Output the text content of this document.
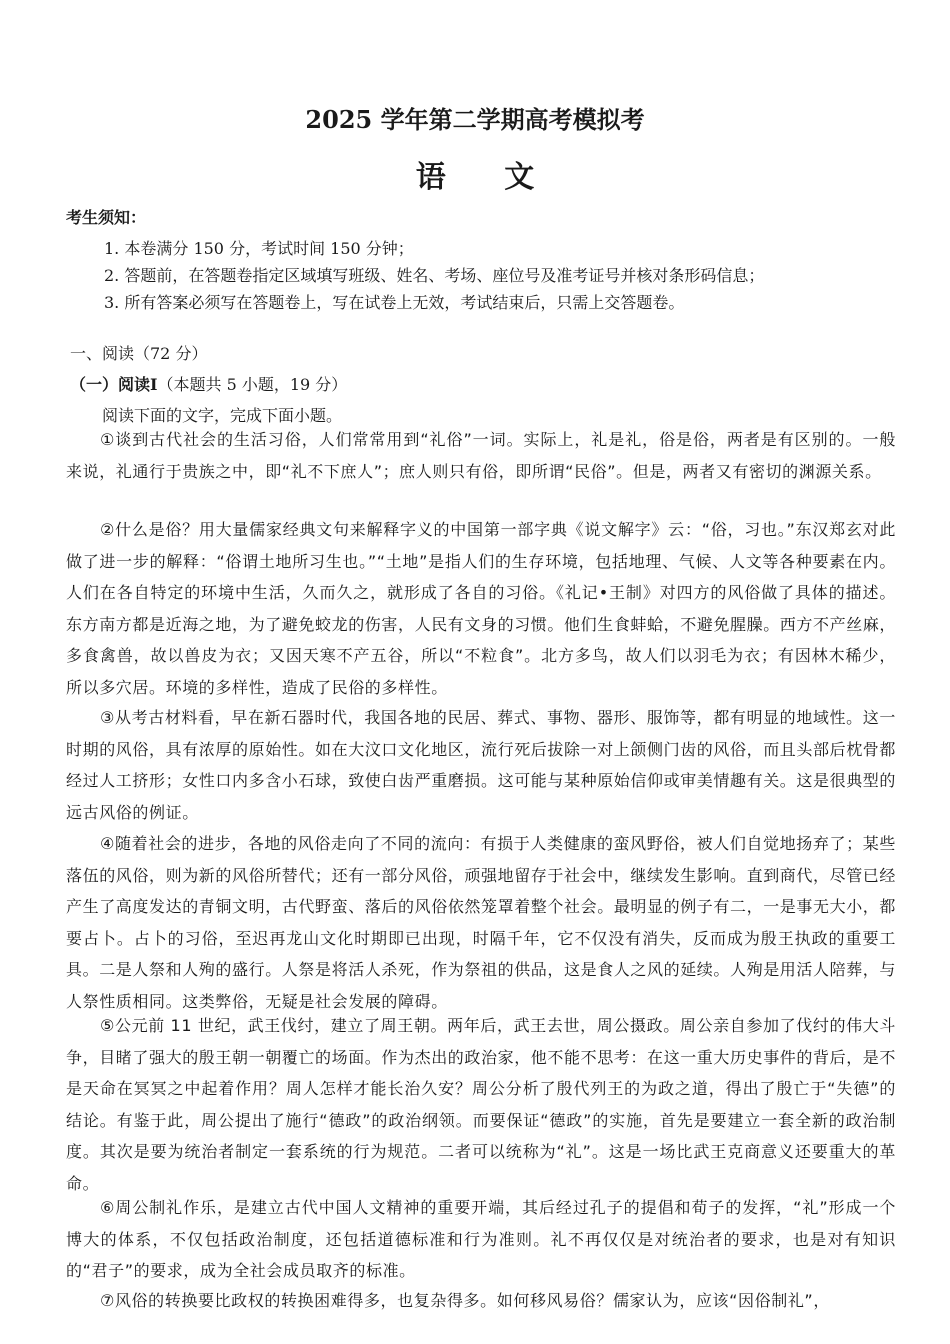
2025 学年第二学期高考模拟考
语 文
考生须知：
1. 本卷满分 150 分，考试时间 150 分钟；
2. 答题前，在答题卷指定区域填写班级、姓名、考场、座位号及准考证号并核对条形码信息；
3. 所有答案必须写在答题卷上，写在试卷上无效，考试结束后，只需上交答题卷。
一、阅读（72 分）
（一）阅读I（本题共 5 小题，19 分）
阅读下面的文字，完成下面小题。

①谈到古代社会的生活习俗，人们常常用到“礼俗”一词。实际上，礼是礼，俗是俗，两者是有区别的。一般来说，礼通行于贵族之中，即“礼不下庶人”；庶人则只有俗，即所谓“民俗”。但是，两者又有密切的渊源关系。

②什么是俗？用大量儒家经典文句来解释字义的中国第一部字典《说文解字》云：“俗，习也。”东汉郑玄对此做了进一步的解释：“俗谓土地所习生也。”“土地”是指人们的生存环境，包括地理、气候、人文等各种要素在内。人们在各自特定的环境中生活，久而久之，就形成了各自的习俗。《礼记•王制》对四方的风俗做了具体的描述。东方南方都是近海之地，为了避免蛟龙的伤害，人民有文身的习惯。他们生食蚌蛤，不避免腥臊。西方不产丝麻，多食禽兽，故以兽皮为衣；又因天寒不产五谷，所以“不粒食”。北方多鸟，故人们以羽毛为衣；有因林木稀少，所以多穴居。环境的多样性，造成了民俗的多样性。

③从考古材料看，早在新石器时代，我国各地的民居、葬式、事物、器形、服饰等，都有明显的地域性。这一时期的风俗，具有浓厚的原始性。如在大汶口文化地区，流行死后拔除一对上颌侧门齿的风俗，而且头部后枕骨都经过人工挤形；女性口内多含小石球，致使白齿严重磨损。这可能与某种原始信仰或审美情趣有关。这是很典型的远古风俗的例证。

④随着社会的进步，各地的风俗走向了不同的流向：有损于人类健康的蛮风野俗，被人们自觉地扬弃了；某些落伍的风俗，则为新的风俗所替代；还有一部分风俗，顽强地留存于社会中，继续发生影响。直到商代，尽管已经产生了高度发达的青铜文明，古代野蛮、落后的风俗依然笼罩着整个社会。最明显的例子有二，一是事无大小，都要占卜。占卜的习俗，至迟再龙山文化时期即已出现，时隔千年，它不仅没有消失，反而成为殷王执政的重要工具。二是人祭和人殉的盛行。人祭是将活人杀死，作为祭祖的供品，这是食人之风的延续。人殉是用活人陪葬，与人祭性质相同。这类弊俗，无疑是社会发展的障碍。

⑤公元前 11 世纪，武王伐纣，建立了周王朝。两年后，武王去世，周公摄政。周公亲自参加了伐纣的伟大斗争，目睹了强大的殷王朝一朝覆亡的场面。作为杰出的政治家，他不能不思考：在这一重大历史事件的背后，是不是天命在冥冥之中起着作用？周人怎样才能长治久安？周公分析了殷代列王的为政之道，得出了殷亡于“失德”的结论。有鉴于此，周公提出了施行“德政”的政治纲领。而要保证“德政”的实施，首先是要建立一套全新的政治制度。其次是要为统治者制定一套系统的行为规范。二者可以统称为“礼”。这是一场比武王克商意义还要重大的革命。

⑥周公制礼作乐，是建立古代中国人文精神的重要开端，其后经过孔子的提倡和荀子的发挥，“礼”形成一个博大的体系，不仅包括政治制度，还包括道德标准和行为准则。礼不再仅仅是对统治者的要求，也是对有知识的“君子”的要求，成为全社会成员取齐的标准。

⑦风俗的转换要比政权的转换困难得多，也复杂得多。如何移风易俗？儒家认为，应该“因俗制礼”，
